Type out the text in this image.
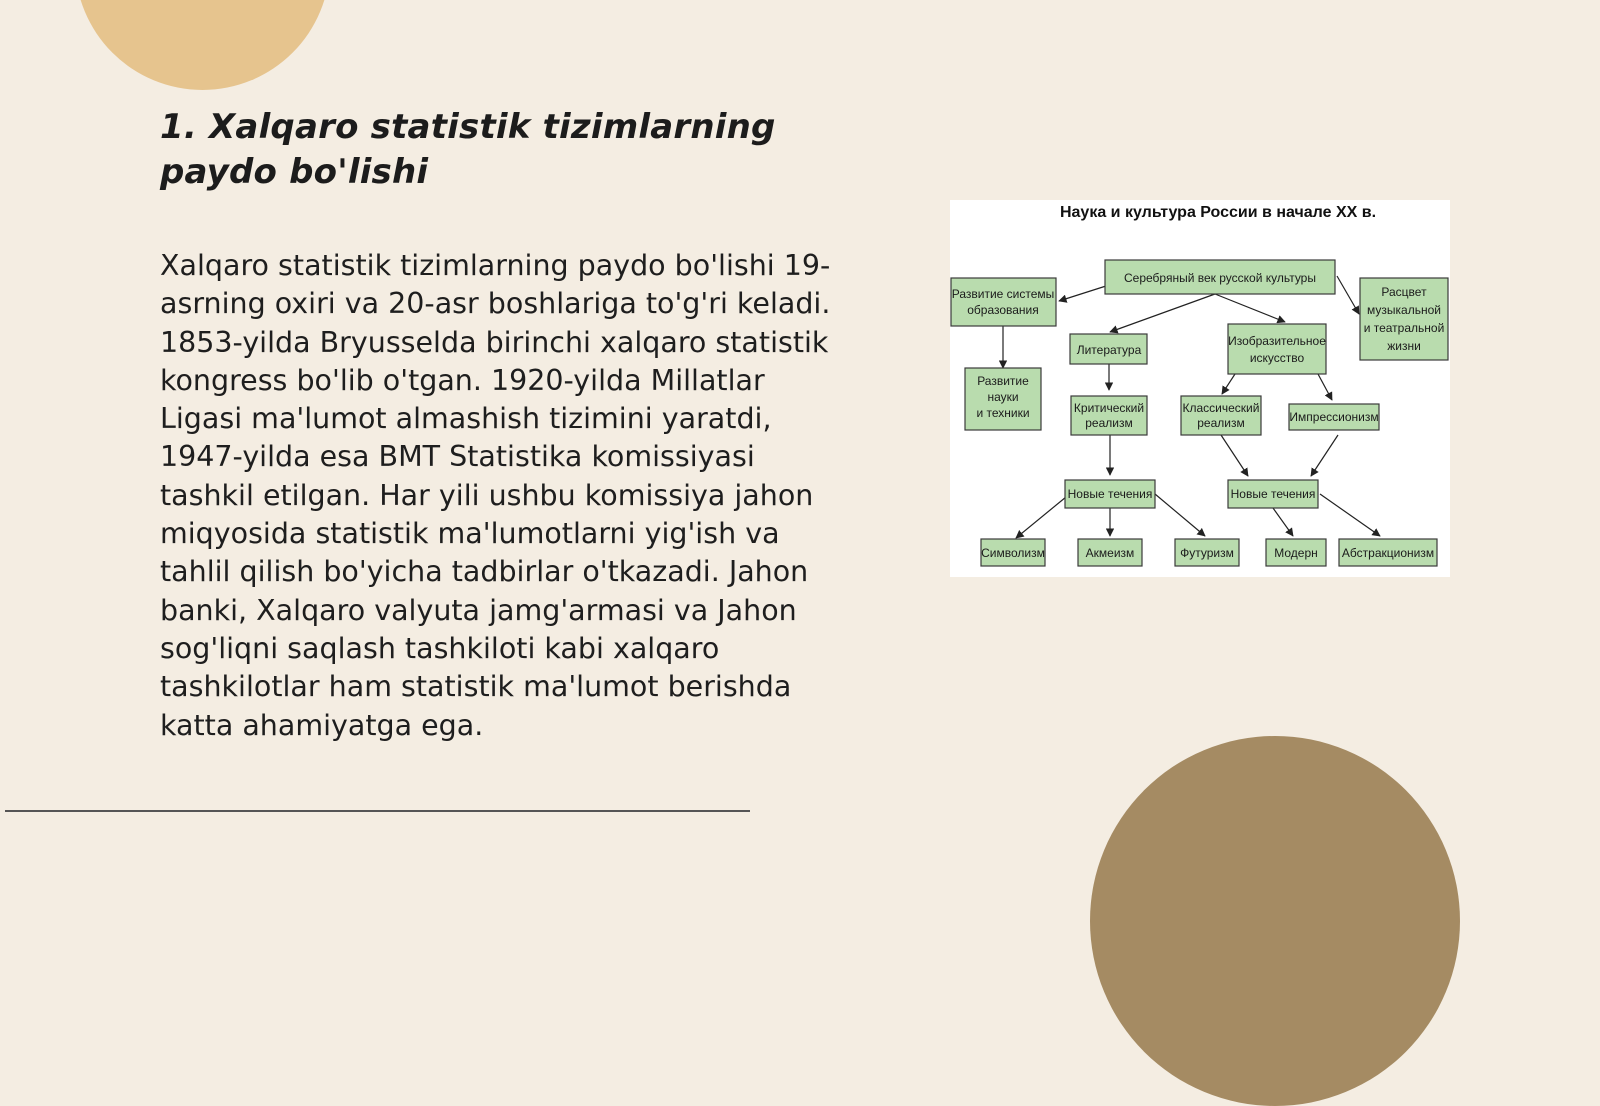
1. Xalqaro statistik tizimlarning paydo bo'lishi

Xalqaro statistik tizimlarning paydo bo'lishi 19-asrning oxiri va 20-asr boshlariga to'g'ri keladi. 1853-yilda Bryusselda birinchi xalqaro statistik kongress bo'lib o'tgan. 1920-yilda Millatlar Ligasi ma'lumot almashish tizimini yaratdi, 1947-yilda esa BMT Statistika komissiyasi tashkil etilgan. Har yili ushbu komissiya jahon miqyosida statistik ma'lumotlarni yig'ish va tahlil qilish bo'yicha tadbirlar o'tkazadi. Jahon banki, Xalqaro valyuta jamg'armasi va Jahon sog'liqni saqlash tashkiloti kabi xalqaro tashkilotlar ham statistik ma'lumot berishda katta ahamiyatga ega.

Наука и культура России в начале XX в.
Серебряный век русской культуры
Развитие системы
образования
Расцвет
музыкальной
и театральной
жизни
Литература
Изобразительное
искусство
Развитие
науки
и техники	Критический
реализм
Классический
реализм	Импрессионизм
Новые течения	Новые течения
Символизм	Акмеизм	Футуризм	Модерн Абстракционизм
